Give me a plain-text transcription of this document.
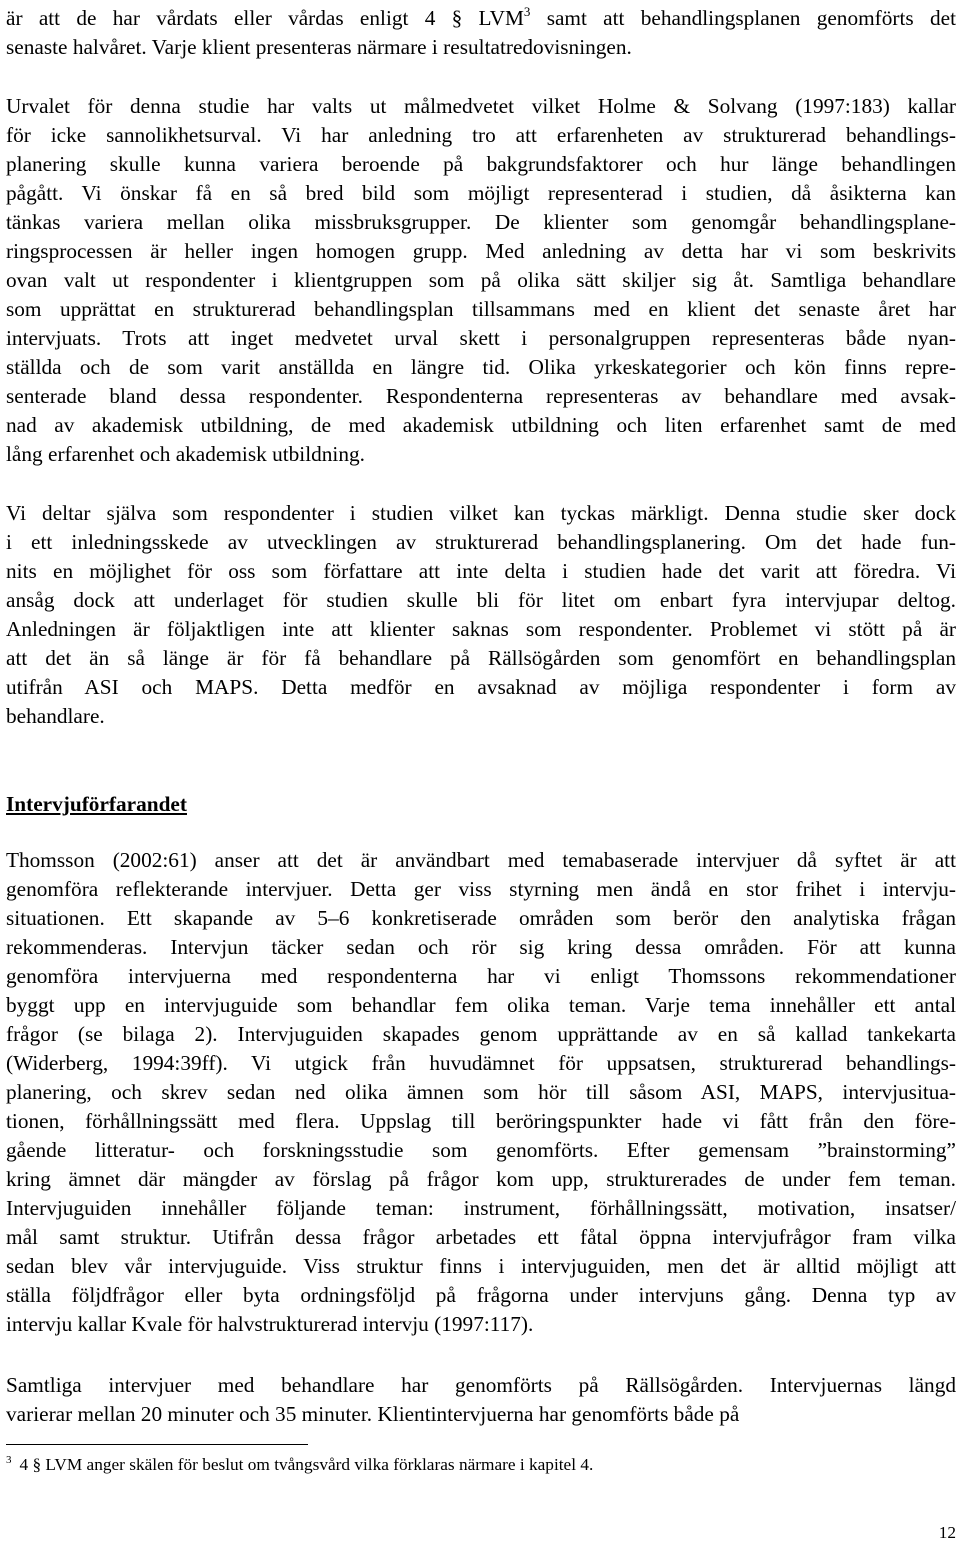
är att de har vårdats eller vårdas enligt 4 § LVM$^3$ samt att behandlingsplanen genomförts det
senaste halvåret. Varje klient presenteras närmare i resultatredovisningen.
Urvalet för denna studie har valts ut målmedvetet vilket Holme & Solvang (1997:183) kallar
för icke sannolikhetsurval. Vi har anledning tro att erfarenheten av strukturerad behandlings-
planering skulle kunna variera beroende på bakgrundsfaktorer och hur länge behandlingen
pågått. Vi önskar få en så bred bild som möjligt representerad i studien, då åsikterna kan
tänkas variera mellan olika missbruksgrupper. De klienter som genomgår behandlingsplane-
ringsprocessen är heller ingen homogen grupp. Med anledning av detta har vi som beskrivits
ovan valt ut respondenter i klientgruppen som på olika sätt skiljer sig åt. Samtliga behandlare
som upprättat en strukturerad behandlingsplan tillsammans med en klient det senaste året har
intervjuats. Trots att inget medvetet urval skett i personalgruppen representeras både nyan-
ställda och de som varit anställda en längre tid. Olika yrkeskategorier och kön finns repre-
senterade bland dessa respondenter. Respondenterna representeras av behandlare med avsak-
nad av akademisk utbildning, de med akademisk utbildning och liten erfarenhet samt de med
lång erfarenhet och akademisk utbildning.
Vi deltar själva som respondenter i studien vilket kan tyckas märkligt. Denna studie sker dock
i ett inledningsskede av utvecklingen av strukturerad behandlingsplanering. Om det hade fun-
nits en möjlighet för oss som författare att inte delta i studien hade det varit att föredra. Vi
ansåg dock att underlaget för studien skulle bli för litet om enbart fyra intervjupar deltog.
Anledningen är följaktligen inte att klienter saknas som respondenter. Problemet vi stött på är
att det än så länge är för få behandlare på Rällsögården som genomfört en behandlingsplan
utifrån ASI och MAPS. Detta medför en avsaknad av möjliga respondenter i form av
behandlare.
Intervjuförfarandet
Thomsson (2002:61) anser att det är användbart med temabaserade intervjuer då syftet är att
genomföra reflekterande intervjuer. Detta ger viss styrning men ändå en stor frihet i intervju-
situationen. Ett skapande av 5–6 konkretiserade områden som berör den analytiska frågan
rekommenderas. Intervjun täcker sedan och rör sig kring dessa områden. För att kunna
genomföra intervjuerna med respondenterna har vi enligt Thomssons rekommendationer
byggt upp en intervjuguide som behandlar fem olika teman. Varje tema innehåller ett antal
frågor (se bilaga 2). Intervjuguiden skapades genom upprättande av en så kallad tankekarta
(Widerberg, 1994:39ff). Vi utgick från huvudämnet för uppsatsen, strukturerad behandlings-
planering, och skrev sedan ned olika ämnen som hör till såsom ASI, MAPS, intervjusitua-
tionen, förhållningssätt med flera. Uppslag till beröringspunkter hade vi fått från den före-
gående litteratur- och forskningsstudie som genomförts. Efter gemensam ”brainstorming”
kring ämnet där mängder av förslag på frågor kom upp, strukturerades de under fem teman.
Intervjuguiden innehåller följande teman: instrument, förhållningssätt, motivation, insatser/
mål samt struktur. Utifrån dessa frågor arbetades ett fåtal öppna intervjufrågor fram vilka
sedan blev vår intervjuguide. Viss struktur finns i intervjuguiden, men det är alltid möjligt att
ställa följdfrågor eller byta ordningsföljd på frågorna under intervjuns gång. Denna typ av
intervju kallar Kvale för halvstrukturerad intervju (1997:117).
Samtliga intervjuer med behandlare har genomförts på Rällsögården. Intervjuernas längd
varierar mellan 20 minuter och 35 minuter. Klientintervjuerna har genomförts både på
$^3$ 4 § LVM anger skälen för beslut om tvångsvård vilka förklaras närmare i kapitel 4.
12
